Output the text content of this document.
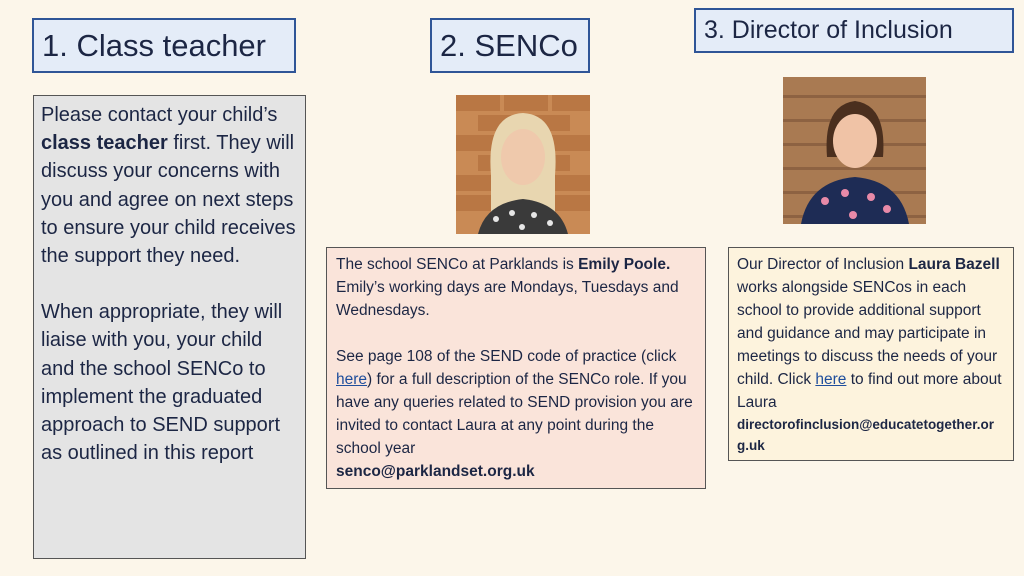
1. Class teacher	2. SENCo	3. Director of Inclusion

Please contact your child’s class teacher first. They will discuss your concerns with you and agree on next steps to ensure your child receives the support they need.

When appropriate, they will liaise with you, your child and the school SENCo to implement the graduated approach to SEND support as outlined in this report

The school SENCo at Parklands is Emily Poole. Emily’s working days are Mondays, Tuesdays and Wednesdays.

See page 108 of the SEND code of practice (click here) for a full description of the SENCo role. If you have any queries related to SEND provision you are invited to contact Laura at any point during the school year

senco@parklandset.org.uk

Our Director of Inclusion Laura Bazell works alongside SENCos in each school to provide additional support and guidance and may participate in meetings to discuss the needs of your child. Click here to find out more about Laura

directorofinclusion@educatetogether.org.uk
